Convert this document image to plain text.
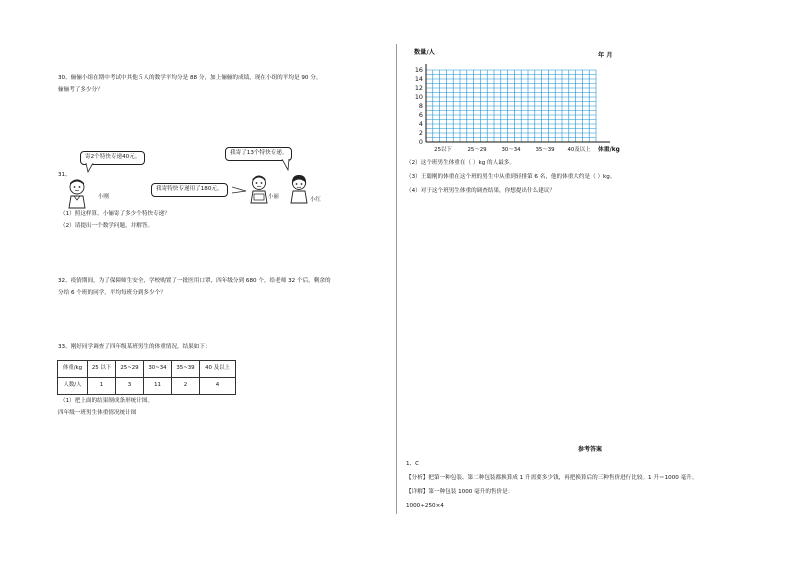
30、俪俪小组在期中考试中其他５人的数学平均分是 88 分，加上俪俪的成绩，现在小组的平均是 90 分。
俪俪考了多少分？
31、
寄2个特快专递40元。
我寄了13个特快专递。
我寄特快专递用了180元。
小刚	小丽	小红
（1）照这样算，小俪寄了多少个特快专递？
（2）请提出一个数学问题，并解答。
32、疫情期间，为了保障师生安全，学校购置了一批医用口罩，四年级分到 680 个，给老师 32 个后，剩余的
分给 6 个班的同学，平均每班分到多少个？
33、刚好同学调查了四年级某班男生的体重情况，结果如下：
体重/kg	25 以下	25~29	30~34	35~39	40 及以上
人数/人	1	3	11	2	4
（1）把上面的结果制成条形统计图。
四年级一班男生体重情况统计图
数量/人	年 月
0
2
4
6
8
10
12
14
16
25以下	25～29	30～34	35～39 40及以上 体重/kg
（2）这个班男生体重在（ ）kg 的人最多。
（3）王聪刚的体重在这个班的男生中从重到轻排第 6 名，他的体重大约是（ ）kg。
（4）对于这个班男生体重的调查结果，你想提出什么建议？
参考答案
1、C
【分析】把第一种包装、第二种包装都换算成 1 升需要多少钱，再把换算后的三种售价进行比较。1 升＝1000 毫升。
【详解】第一种包装 1000 毫升的售价是：
1000÷250×4
